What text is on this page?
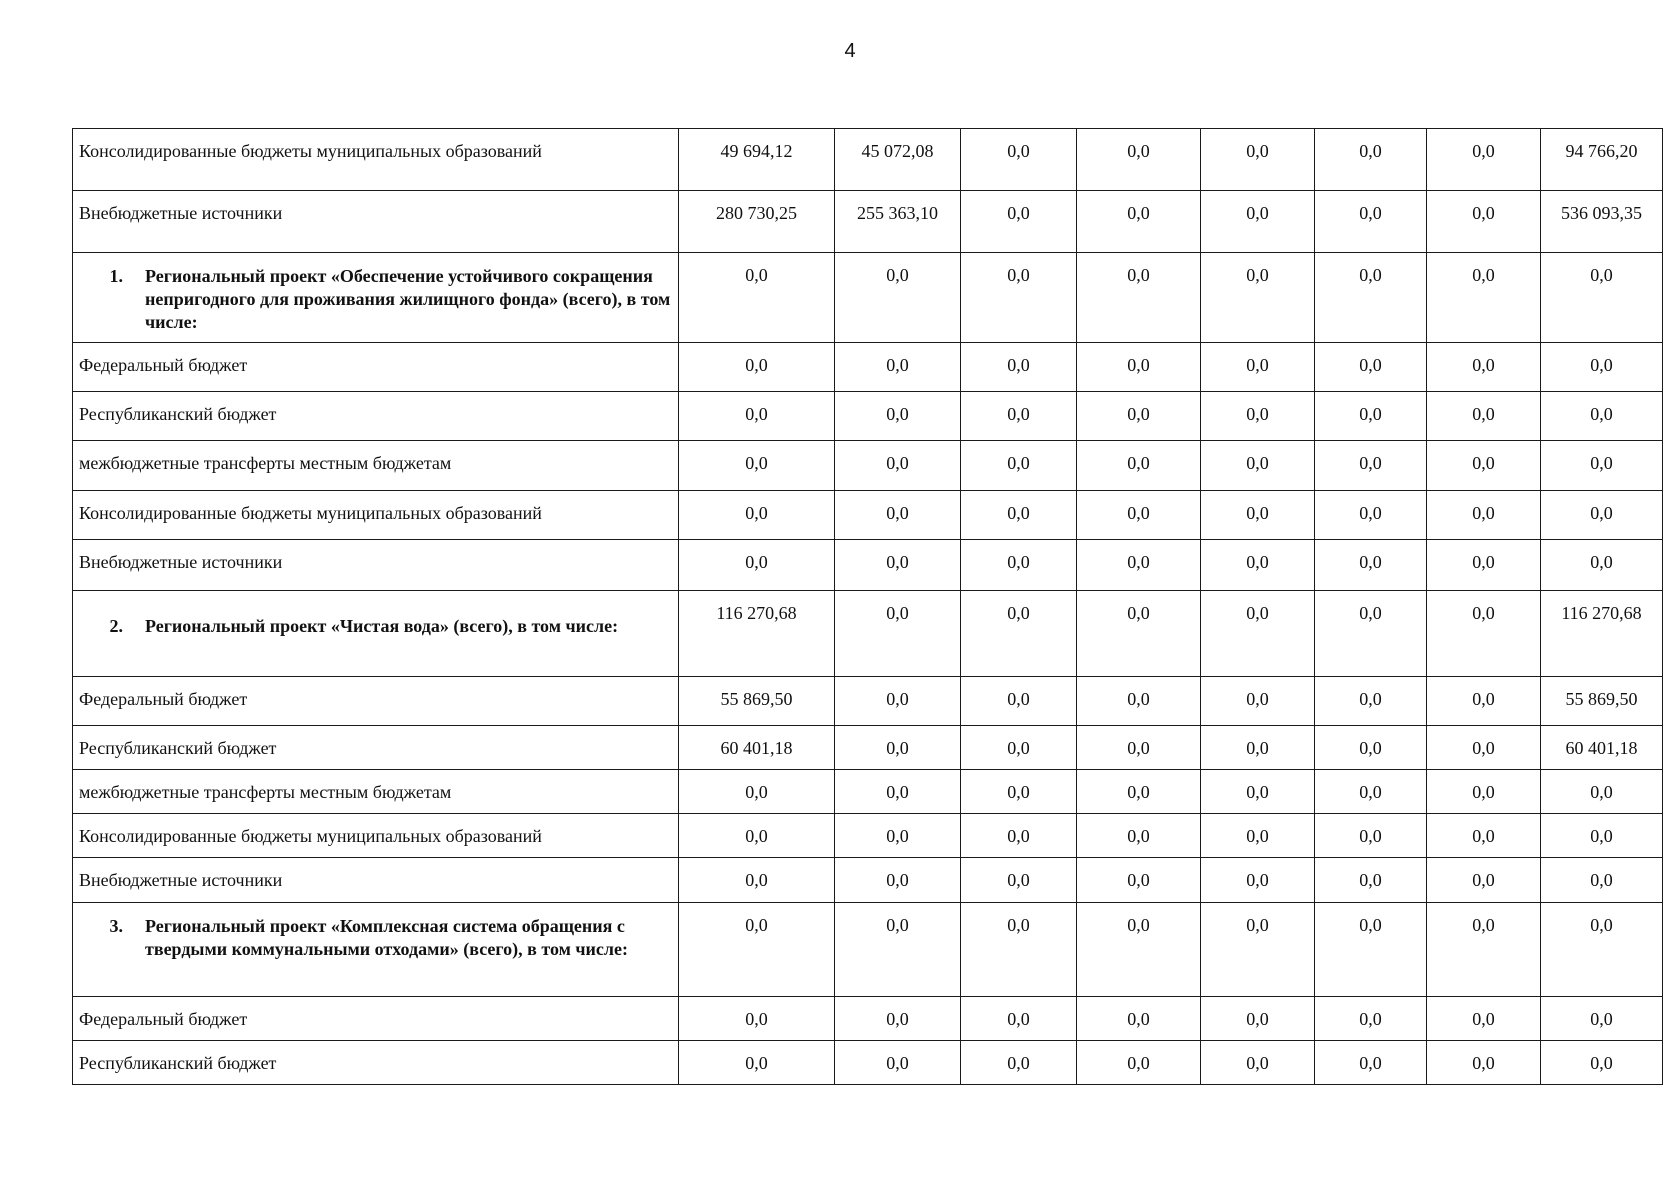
4
Консолидированные бюджеты муниципальных образований	49 694,12	45 072,08	0,0	0,0	0,0	0,0	0,0	94 766,20
Внебюджетные источники	280 730,25	255 363,10	0,0	0,0	0,0	0,0	0,0	536 093,35

1. Региональный проект «Обеспечение устойчивого сокращения непригодного для проживания жилищного фонда» (всего), в том числе:	0,0	0,0	0,0	0,0	0,0	0,0	0,0	0,0
Федеральный бюджет	0,0	0,0	0,0	0,0	0,0	0,0	0,0	0,0
Республиканский бюджет	0,0	0,0	0,0	0,0	0,0	0,0	0,0	0,0
межбюджетные трансферты местным бюджетам	0,0	0,0	0,0	0,0	0,0	0,0	0,0	0,0
Консолидированные бюджеты муниципальных образований	0,0	0,0	0,0	0,0	0,0	0,0	0,0	0,0
Внебюджетные источники	0,0	0,0	0,0	0,0	0,0	0,0	0,0	0,0

2. Региональный проект «Чистая вода» (всего), в том числе:	116 270,68	0,0	0,0	0,0	0,0	0,0	0,0	116 270,68
Федеральный бюджет	55 869,50	0,0	0,0	0,0	0,0	0,0	0,0	55 869,50
Республиканский бюджет	60 401,18	0,0	0,0	0,0	0,0	0,0	0,0	60 401,18
межбюджетные трансферты местным бюджетам	0,0	0,0	0,0	0,0	0,0	0,0	0,0	0,0
Консолидированные бюджеты муниципальных образований	0,0	0,0	0,0	0,0	0,0	0,0	0,0	0,0
Внебюджетные источники	0,0	0,0	0,0	0,0	0,0	0,0	0,0	0,0

3. Региональный проект «Комплексная система обращения с твердыми коммунальными отходами» (всего), в том числе:	0,0	0,0	0,0	0,0	0,0	0,0	0,0	0,0
Федеральный бюджет	0,0	0,0	0,0	0,0	0,0	0,0	0,0	0,0
Республиканский бюджет	0,0	0,0	0,0	0,0	0,0	0,0	0,0	0,0
